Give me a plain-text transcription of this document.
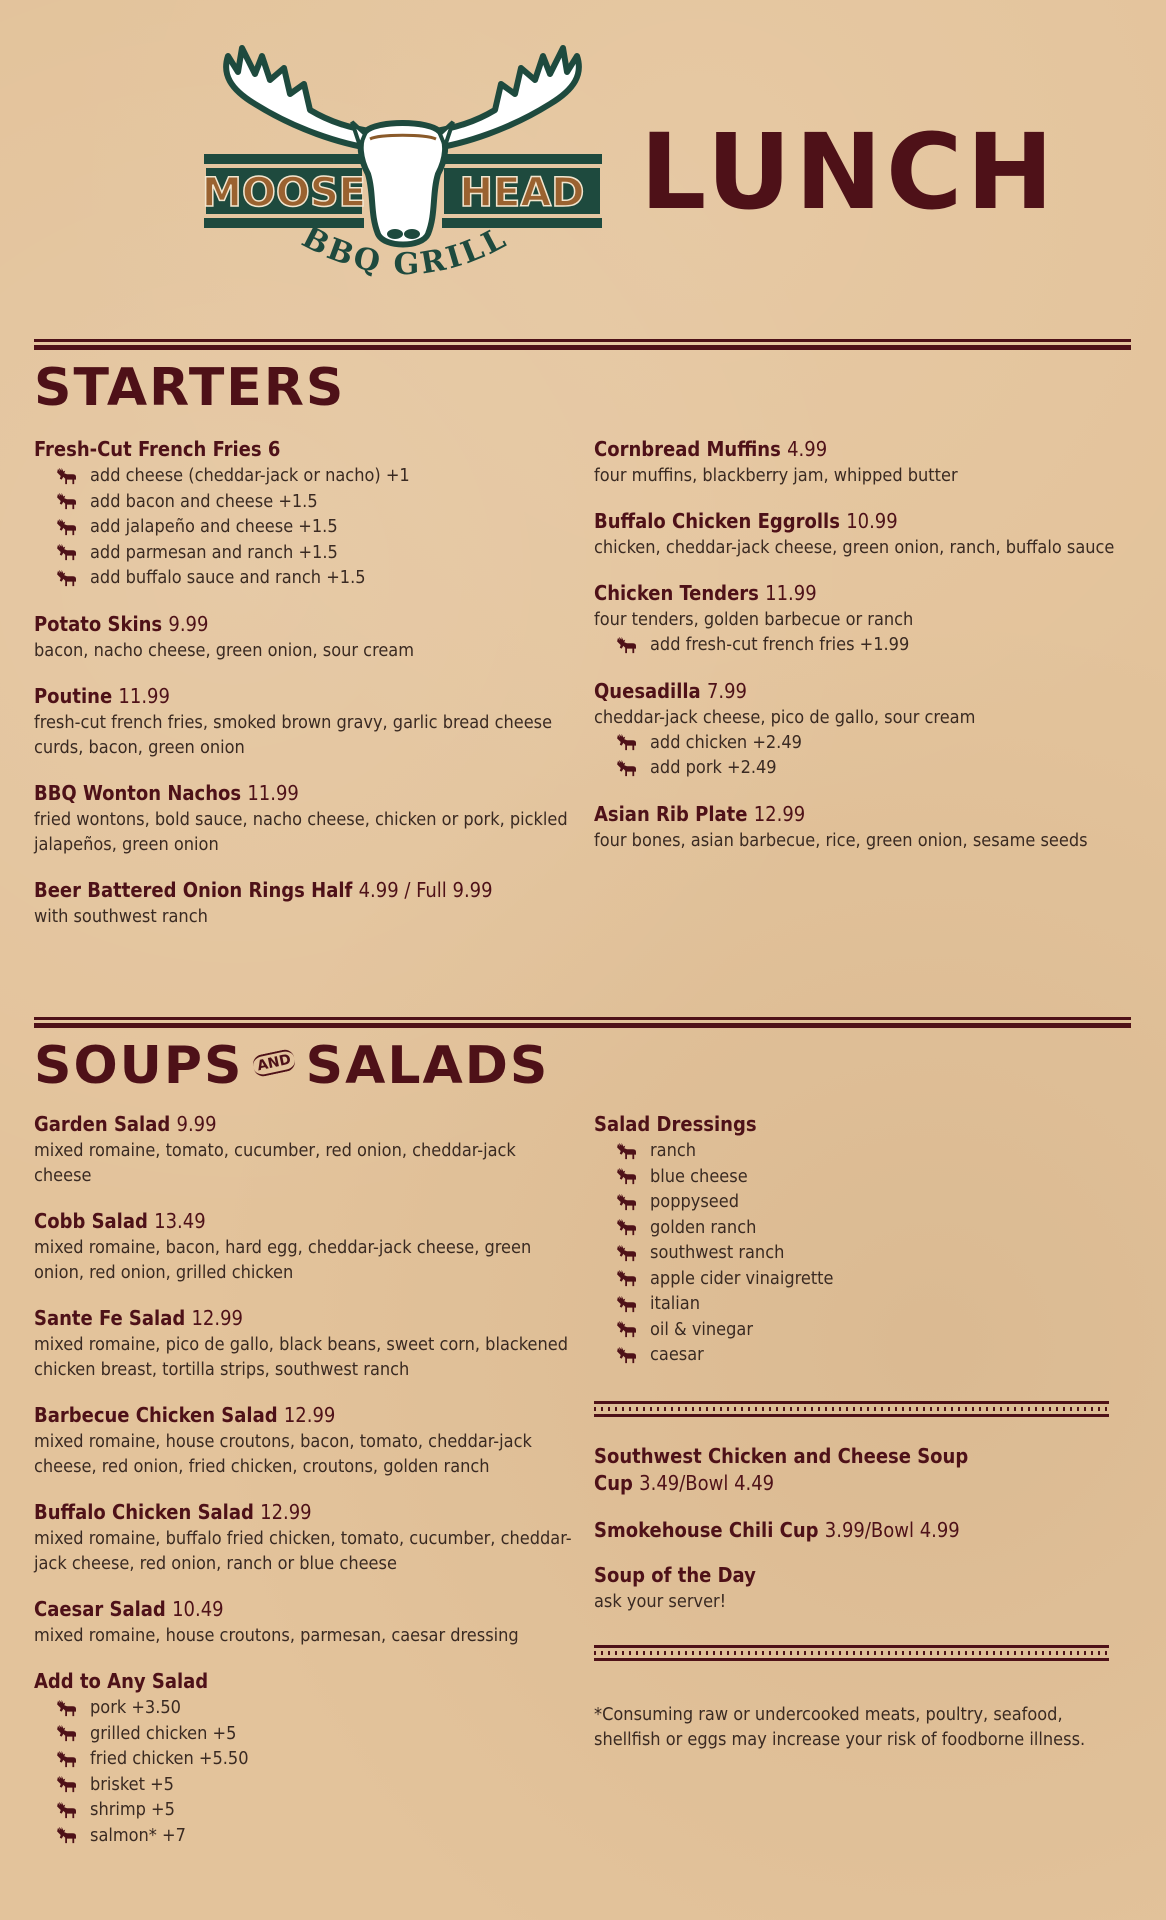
MOOSE HEAD
BBQ GRILL
LUNCH
STARTERS
Fresh-Cut French Fries 6
add cheese (cheddar-jack or nacho) +1
add bacon and cheese +1.5
add jalapeño and cheese +1.5
add parmesan and ranch +1.5
add buffalo sauce and ranch +1.5
Potato Skins 9.99
bacon, nacho cheese, green onion, sour cream
Poutine 11.99
fresh-cut french fries, smoked brown gravy, garlic bread cheese curds, bacon, green onion
BBQ Wonton Nachos 11.99
fried wontons, bold sauce, nacho cheese, chicken or pork, pickled jalapeños, green onion
Beer Battered Onion Rings Half 4.99 / Full 9.99
with southwest ranch
Cornbread Muffins 4.99
four muffins, blackberry jam, whipped butter
Buffalo Chicken Eggrolls 10.99
chicken, cheddar-jack cheese, green onion, ranch, buffalo sauce
Chicken Tenders 11.99
four tenders, golden barbecue or ranch
add fresh-cut french fries +1.99
Quesadilla 7.99
cheddar-jack cheese, pico de gallo, sour cream
add chicken +2.49
add pork +2.49
Asian Rib Plate 12.99
four bones, asian barbecue, rice, green onion, sesame seeds
SOUPS AND SALADS
Garden Salad 9.99
mixed romaine, tomato, cucumber, red onion, cheddar-jack cheese
Cobb Salad 13.49
mixed romaine, bacon, hard egg, cheddar-jack cheese, green onion, red onion, grilled chicken
Sante Fe Salad 12.99
mixed romaine, pico de gallo, black beans, sweet corn, blackened chicken breast, tortilla strips, southwest ranch
Barbecue Chicken Salad 12.99
mixed romaine, house croutons, bacon, tomato, cheddar-jack cheese, red onion, fried chicken, croutons, golden ranch
Buffalo Chicken Salad 12.99
mixed romaine, buffalo fried chicken, tomato, cucumber, cheddar-jack cheese, red onion, ranch or blue cheese
Caesar Salad 10.49
mixed romaine, house croutons, parmesan, caesar dressing
Add to Any Salad
pork +3.50
grilled chicken +5
fried chicken +5.50
brisket +5
shrimp +5
salmon* +7
Salad Dressings
ranch
blue cheese
poppyseed
golden ranch
southwest ranch
apple cider vinaigrette
italian
oil & vinegar
caesar
Southwest Chicken and Cheese Soup
Cup 3.49/Bowl 4.49
Smokehouse Chili Cup 3.99/Bowl 4.99
Soup of the Day
ask your server!
*Consuming raw or undercooked meats, poultry, seafood, shellfish or eggs may increase your risk of foodborne illness.
